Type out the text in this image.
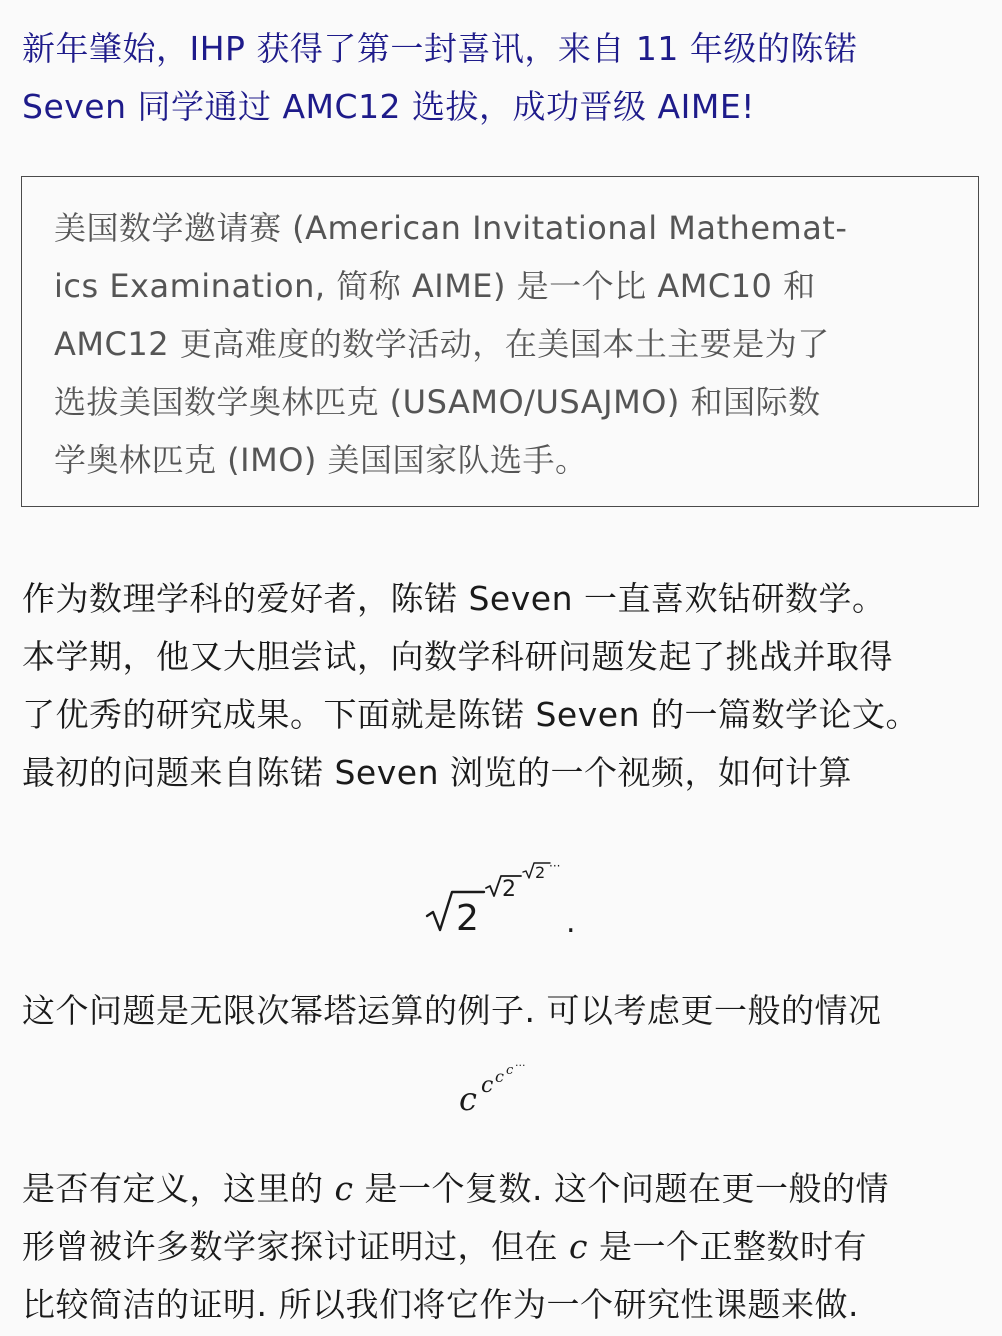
新年肇始，IHP 获得了第一封喜讯，来自 11 年级的陈锘
Seven 同学通过 AMC12 选拔，成功晋级 AIME!
美国数学邀请赛 (American Invitational Mathemat-
ics Examination, 简称 AIME) 是一个比 AMC10 和
AMC12 更高难度的数学活动，在美国本土主要是为了
选拔美国数学奥林匹克 (USAMO/USAJMO) 和国际数
学奥林匹克 (IMO) 美国国家队选手。
作为数理学科的爱好者，陈锘 Seven 一直喜欢钻研数学。
本学期，他又大胆尝试，向数学科研问题发起了挑战并取得
了优秀的研究成果。下面就是陈锘 Seven 的一篇数学论文。
最初的问题来自陈锘 Seven 浏览的一个视频，如何计算
2
2
2 ···
.
这个问题是无限次幂塔运算的例子. 可以考虑更一般的情况
c c c c ···
是否有定义，这里的 c 是一个复数. 这个问题在更一般的情
形曾被许多数学家探讨证明过，但在 c 是一个正整数时有
比较简洁的证明. 所以我们将它作为一个研究性课题来做.
